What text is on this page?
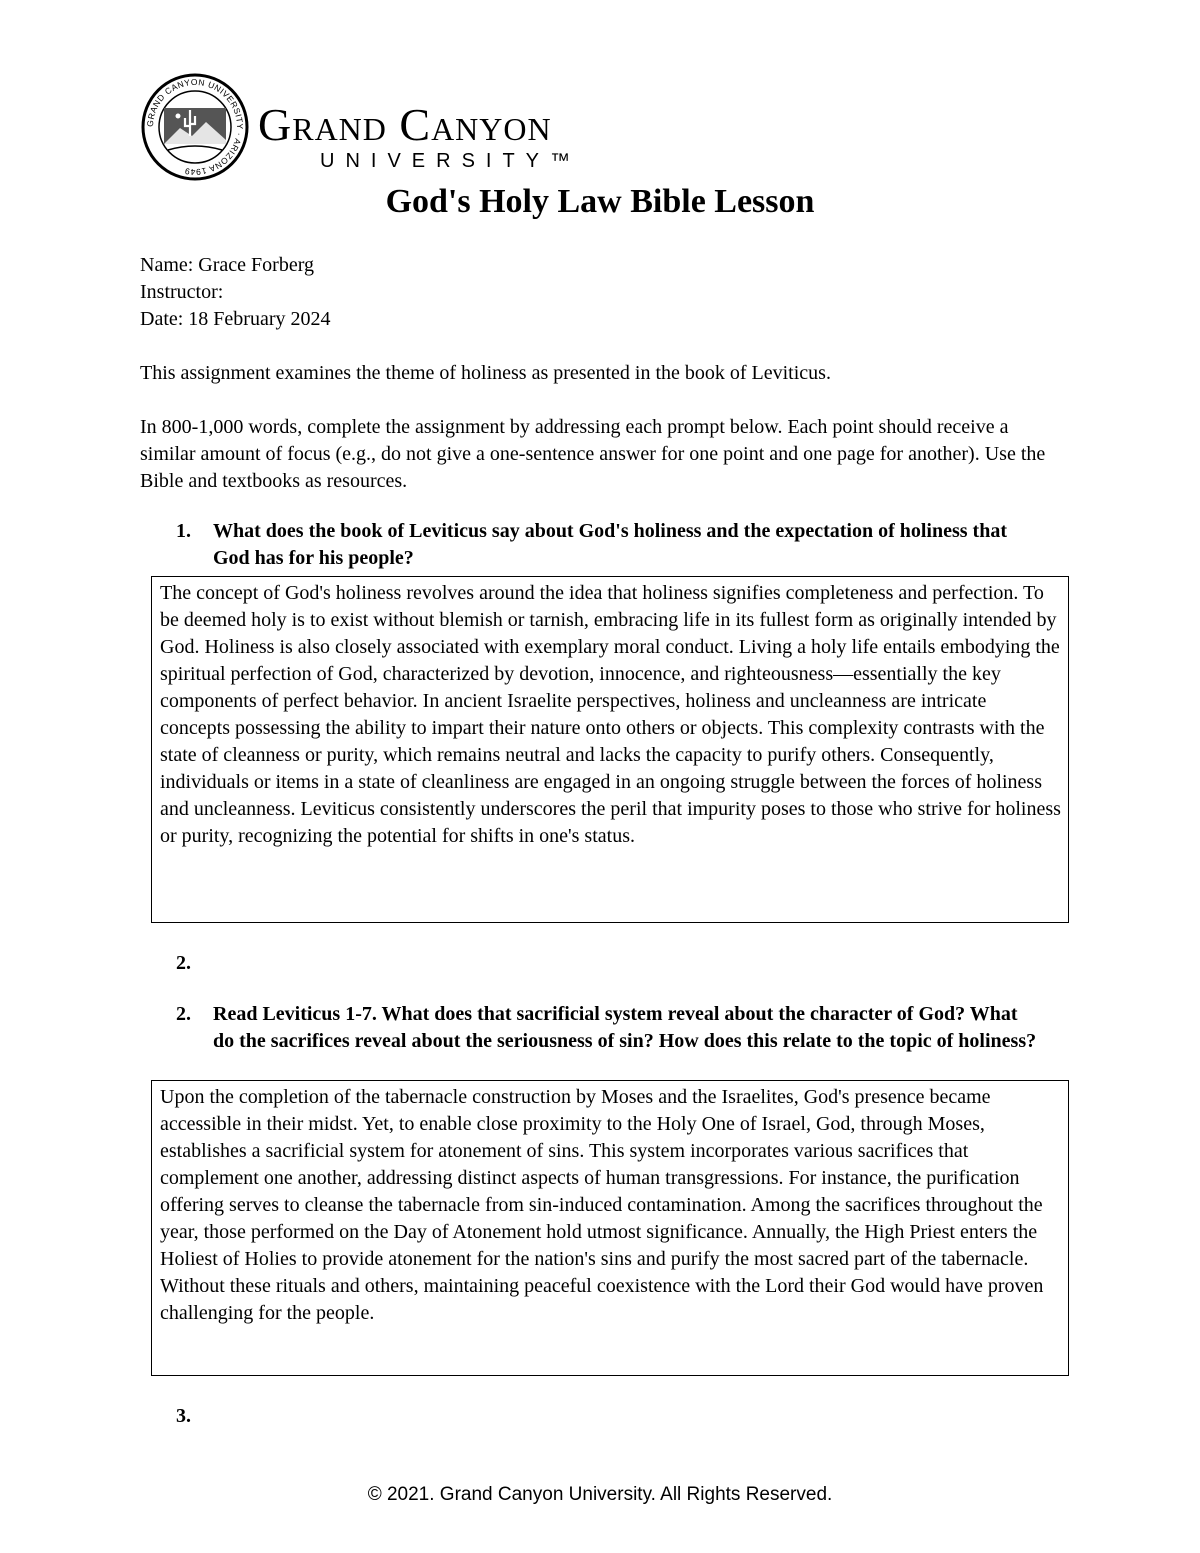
GRAND CANYON UNIVERSITY · ARIZONA 1949
Grand Canyon
UNIVERSITY™
God's Holy Law Bible Lesson
Name: Grace Forberg
Instructor:
Date: 18 February 2024
This assignment examines the theme of holiness as presented in the book of Leviticus.
In 800-1,000 words, complete the assignment by addressing each prompt below. Each point should receive a similar amount of focus (e.g., do not give a one-sentence answer for one point and one page for another). Use the Bible and textbooks as resources.
1. What does the book of Leviticus say about God's holiness and the expectation of holiness that God has for his people?
The concept of God's holiness revolves around the idea that holiness signifies completeness and perfection. To be deemed holy is to exist without blemish or tarnish, embracing life in its fullest form as originally intended by God. Holiness is also closely associated with exemplary moral conduct. Living a holy life entails embodying the spiritual perfection of God, characterized by devotion, innocence, and righteousness—essentially the key components of perfect behavior. In ancient Israelite perspectives, holiness and uncleanness are intricate concepts possessing the ability to impart their nature onto others or objects. This complexity contrasts with the state of cleanness or purity, which remains neutral and lacks the capacity to purify others. Consequently, individuals or items in a state of cleanliness are engaged in an ongoing struggle between the forces of holiness and uncleanness. Leviticus consistently underscores the peril that impurity poses to those who strive for holiness or purity, recognizing the potential for shifts in one's status.
2.
2. Read Leviticus 1-7. What does that sacrificial system reveal about the character of God? What do the sacrifices reveal about the seriousness of sin? How does this relate to the topic of holiness?
Upon the completion of the tabernacle construction by Moses and the Israelites, God's presence became accessible in their midst. Yet, to enable close proximity to the Holy One of Israel, God, through Moses, establishes a sacrificial system for atonement of sins. This system incorporates various sacrifices that complement one another, addressing distinct aspects of human transgressions. For instance, the purification offering serves to cleanse the tabernacle from sin-induced contamination. Among the sacrifices throughout the year, those performed on the Day of Atonement hold utmost significance. Annually, the High Priest enters the Holiest of Holies to provide atonement for the nation's sins and purify the most sacred part of the tabernacle. Without these rituals and others, maintaining peaceful coexistence with the Lord their God would have proven challenging for the people.
3.
© 2021. Grand Canyon University. All Rights Reserved.
